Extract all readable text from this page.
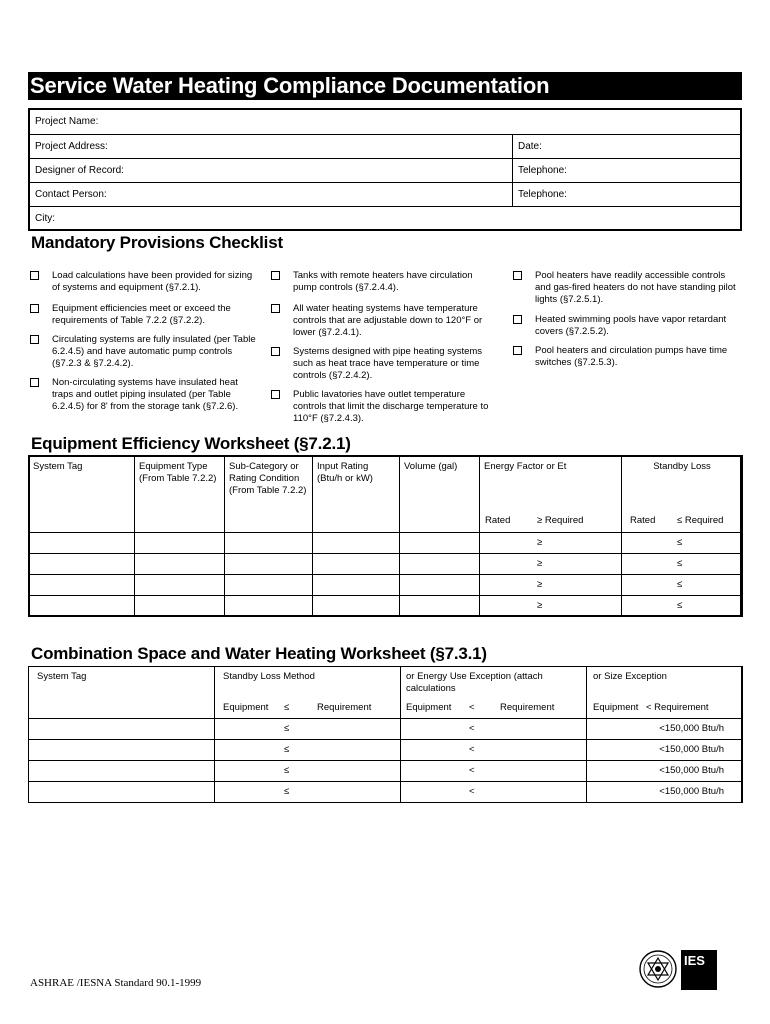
Service Water Heating Compliance Documentation
Project Name:
Project Address:	Date:
Designer of Record:	Telephone:
Contact Person:	Telephone:
City:
Mandatory Provisions Checklist
Load calculations have been provided for sizing of systems and equipment (§7.2.1).
Equipment efficiencies meet or exceed the requirements of Table 7.2.2 (§7.2.2).
Circulating systems are fully insulated (per Table 6.2.4.5) and have automatic pump controls (§7.2.3 & §7.2.4.2).
Non-circulating systems have insulated heat traps and outlet piping insulated (per Table 6.2.4.5) for 8' from the storage tank (§7.2.6).
Tanks with remote heaters have circulation pump controls (§7.2.4.4).
All water heating systems have temperature controls that are adjustable down to 120°F or lower (§7.2.4.1).
Systems designed with pipe heating systems such as heat trace have temperature or time controls (§7.2.4.2).
Public lavatories have outlet temperature controls that limit the discharge temperature to 110°F (§7.2.4.3).
Pool heaters have readily accessible controls and gas-fired heaters do not have standing pilot lights (§7.2.5.1).
Heated swimming pools have vapor retardant covers (§7.2.5.2).
Pool heaters and circulation pumps have time switches (§7.2.5.3).
Equipment Efficiency Worksheet (§7.2.1)
System Tag	Equipment Type (From Table 7.2.2)	Sub-Category or Rating Condition (From Table 7.2.2)	Input Rating (Btu/h or kW)	Volume (gal)	Energy Factor or Et	Standby Loss

					Rated ≥ Required	Rated ≤ Required

					≥	≤

					≥	≤

					≥	≤

					≥	≤
Combination Space and Water Heating Worksheet (§7.3.1)
System Tag	Standby Loss Method	or Energy Use Exception (attach calculations	or Size Exception

	Equipment ≤ Requirement	Equipment < Requirement	Equipment < Requirement

	≤	<	<150,000 Btu/h

	≤	<	<150,000 Btu/h

	≤	<	<150,000 Btu/h

	≤	<	<150,000 Btu/h
ASHRAE /IESNA Standard 90.1-1999
IES
